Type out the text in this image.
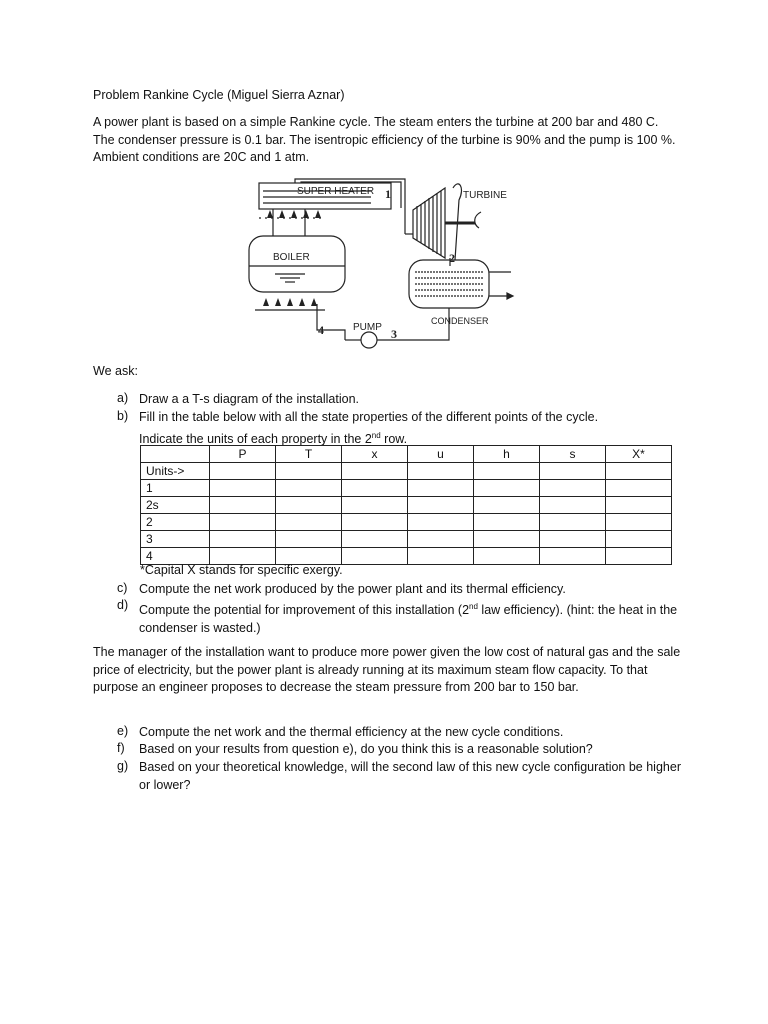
Problem Rankine Cycle (Miguel Sierra Aznar)
A power plant is based on a simple Rankine cycle. The steam enters the turbine at 200 bar and 480 C. The condenser pressure is 0.1 bar. The isentropic efficiency of the turbine is 90% and the pump is 100 %. Ambient conditions are 20C and 1 atm.
SUPER HEATER	TURBINE
BOILER
PUMP
CONDENSER
1
2
3
4
We ask:
a) Draw a a T-s diagram of the installation.
b) Fill in the table below with all the state properties of the different points of the cycle.
Indicate the units of each property in the 2nd row.
	P	T	x	u	h	s	X*
Units->							
1							
2s							
2							
3							
4							
*Capital X stands for specific exergy.
c) Compute the net work produced by the power plant and its thermal efficiency.
d) Compute the potential for improvement of this installation (2nd law efficiency). (hint: the heat in the condenser is wasted.)
The manager of the installation want to produce more power given the low cost of natural gas and the sale price of electricity, but the power plant is already running at its maximum steam flow capacity. To that purpose an engineer proposes to decrease the steam pressure from 200 bar to 150 bar.
e) Compute the net work and the thermal efficiency at the new cycle conditions.
f) Based on your results from question e), do you think this is a reasonable solution?
g) Based on your theoretical knowledge, will the second law of this new cycle configuration be higher or lower?
